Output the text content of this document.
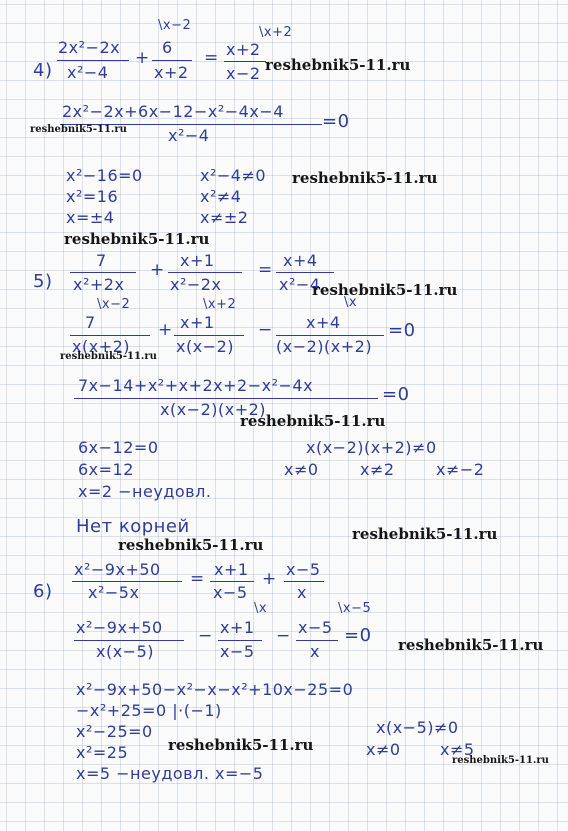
4)
2x²−2x
x²−4
+
\x−2
6
x+2
=
\x+2
x+2
x−2
2x²−2x+6x−12−x²−4x−4
x²−4
=0
x²−16=0
x²=16
x=±4
x²−4≠0
x²≠4
x≠±2
5)
7
x²+2x
+ x+1
x²−2x
= x+4
x²−4
\x−2
7
x(x+2)
+
\x+2
x+1
x(x−2)
−
\x
x+4
(x−2)(x+2)
=0
7x−14+x²+x+2x+2−x²−4x
x(x−2)(x+2)
=0
6x−12=0
6x=12
x=2 −неудовл.
x(x−2)(x+2)≠0
x≠0	x≠2	x≠−2
Нет корней
6)
x²−9x+50
x²−5x
= x+1
x−5
+ x−5
x
x²−9x+50
x(x−5)
−
\x
x+1
x−5
−
\x−5
x−5
x
=0
x²−9x+50−x²−x−x²+10x−25=0
−x²+25=0 |·(−1)
x²−25=0
x²=25
x=5 −неудовл. x=−5
x(x−5)≠0
x≠0 x≠5
reshebnik5-11.ru
reshebnik5-11.ru
reshebnik5-11.ru
reshebnik5-11.ru
reshebnik5-11.ru
reshebnik5-11.ru
reshebnik5-11.ru
reshebnik5-11.ru
reshebnik5-11.ru
reshebnik5-11.ru
reshebnik5-11.ru
reshebnik5-11.ru
